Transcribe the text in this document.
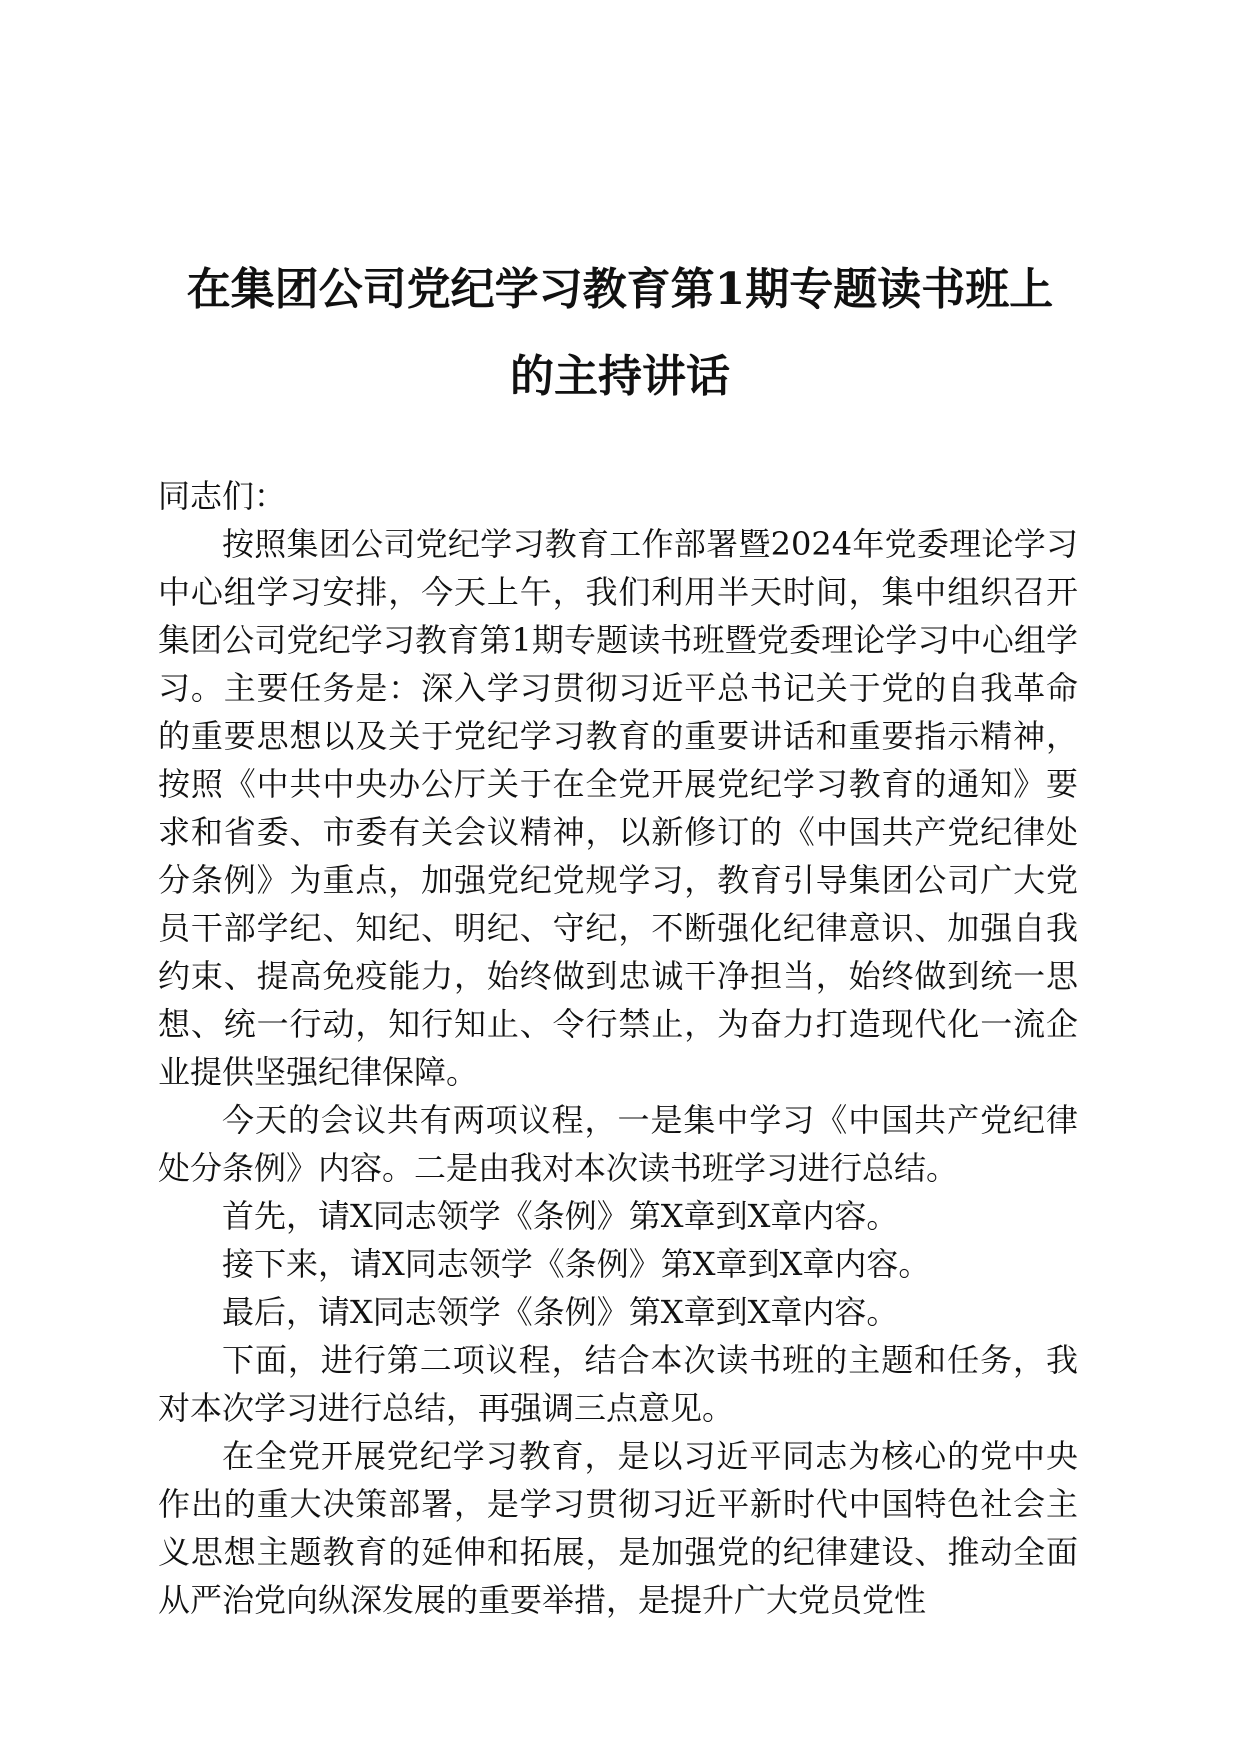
在集团公司党纪学习教育第1期专题读书班上
的主持讲话

同志们：

按照集团公司党纪学习教育工作部署暨2024年党委理论学习中心组学习安排，今天上午，我们利用半天时间，集中组织召开集团公司党纪学习教育第1期专题读书班暨党委理论学习中心组学习。主要任务是：深入学习贯彻习近平总书记关于党的自我革命的重要思想以及关于党纪学习教育的重要讲话和重要指示精神，按照《中共中央办公厅关于在全党开展党纪学习教育的通知》要求和省委、市委有关会议精神，以新修订的《中国共产党纪律处分条例》为重点，加强党纪党规学习，教育引导集团公司广大党员干部学纪、知纪、明纪、守纪，不断强化纪律意识、加强自我约束、提高免疫能力，始终做到忠诚干净担当，始终做到统一思想、统一行动，知行知止、令行禁止，为奋力打造现代化一流企业提供坚强纪律保障。

今天的会议共有两项议程，一是集中学习《中国共产党纪律处分条例》内容。二是由我对本次读书班学习进行总结。

首先，请X同志领学《条例》第X章到X章内容。

接下来，请X同志领学《条例》第X章到X章内容。

最后，请X同志领学《条例》第X章到X章内容。

下面，进行第二项议程，结合本次读书班的主题和任务，我对本次学习进行总结，再强调三点意见。

在全党开展党纪学习教育，是以习近平同志为核心的党中央作出的重大决策部署，是学习贯彻习近平新时代中国特色社会主义思想主题教育的延伸和拓展，是加强党的纪律建设、推动全面从严治党向纵深发展的重要举措，是提升广大党员党性
